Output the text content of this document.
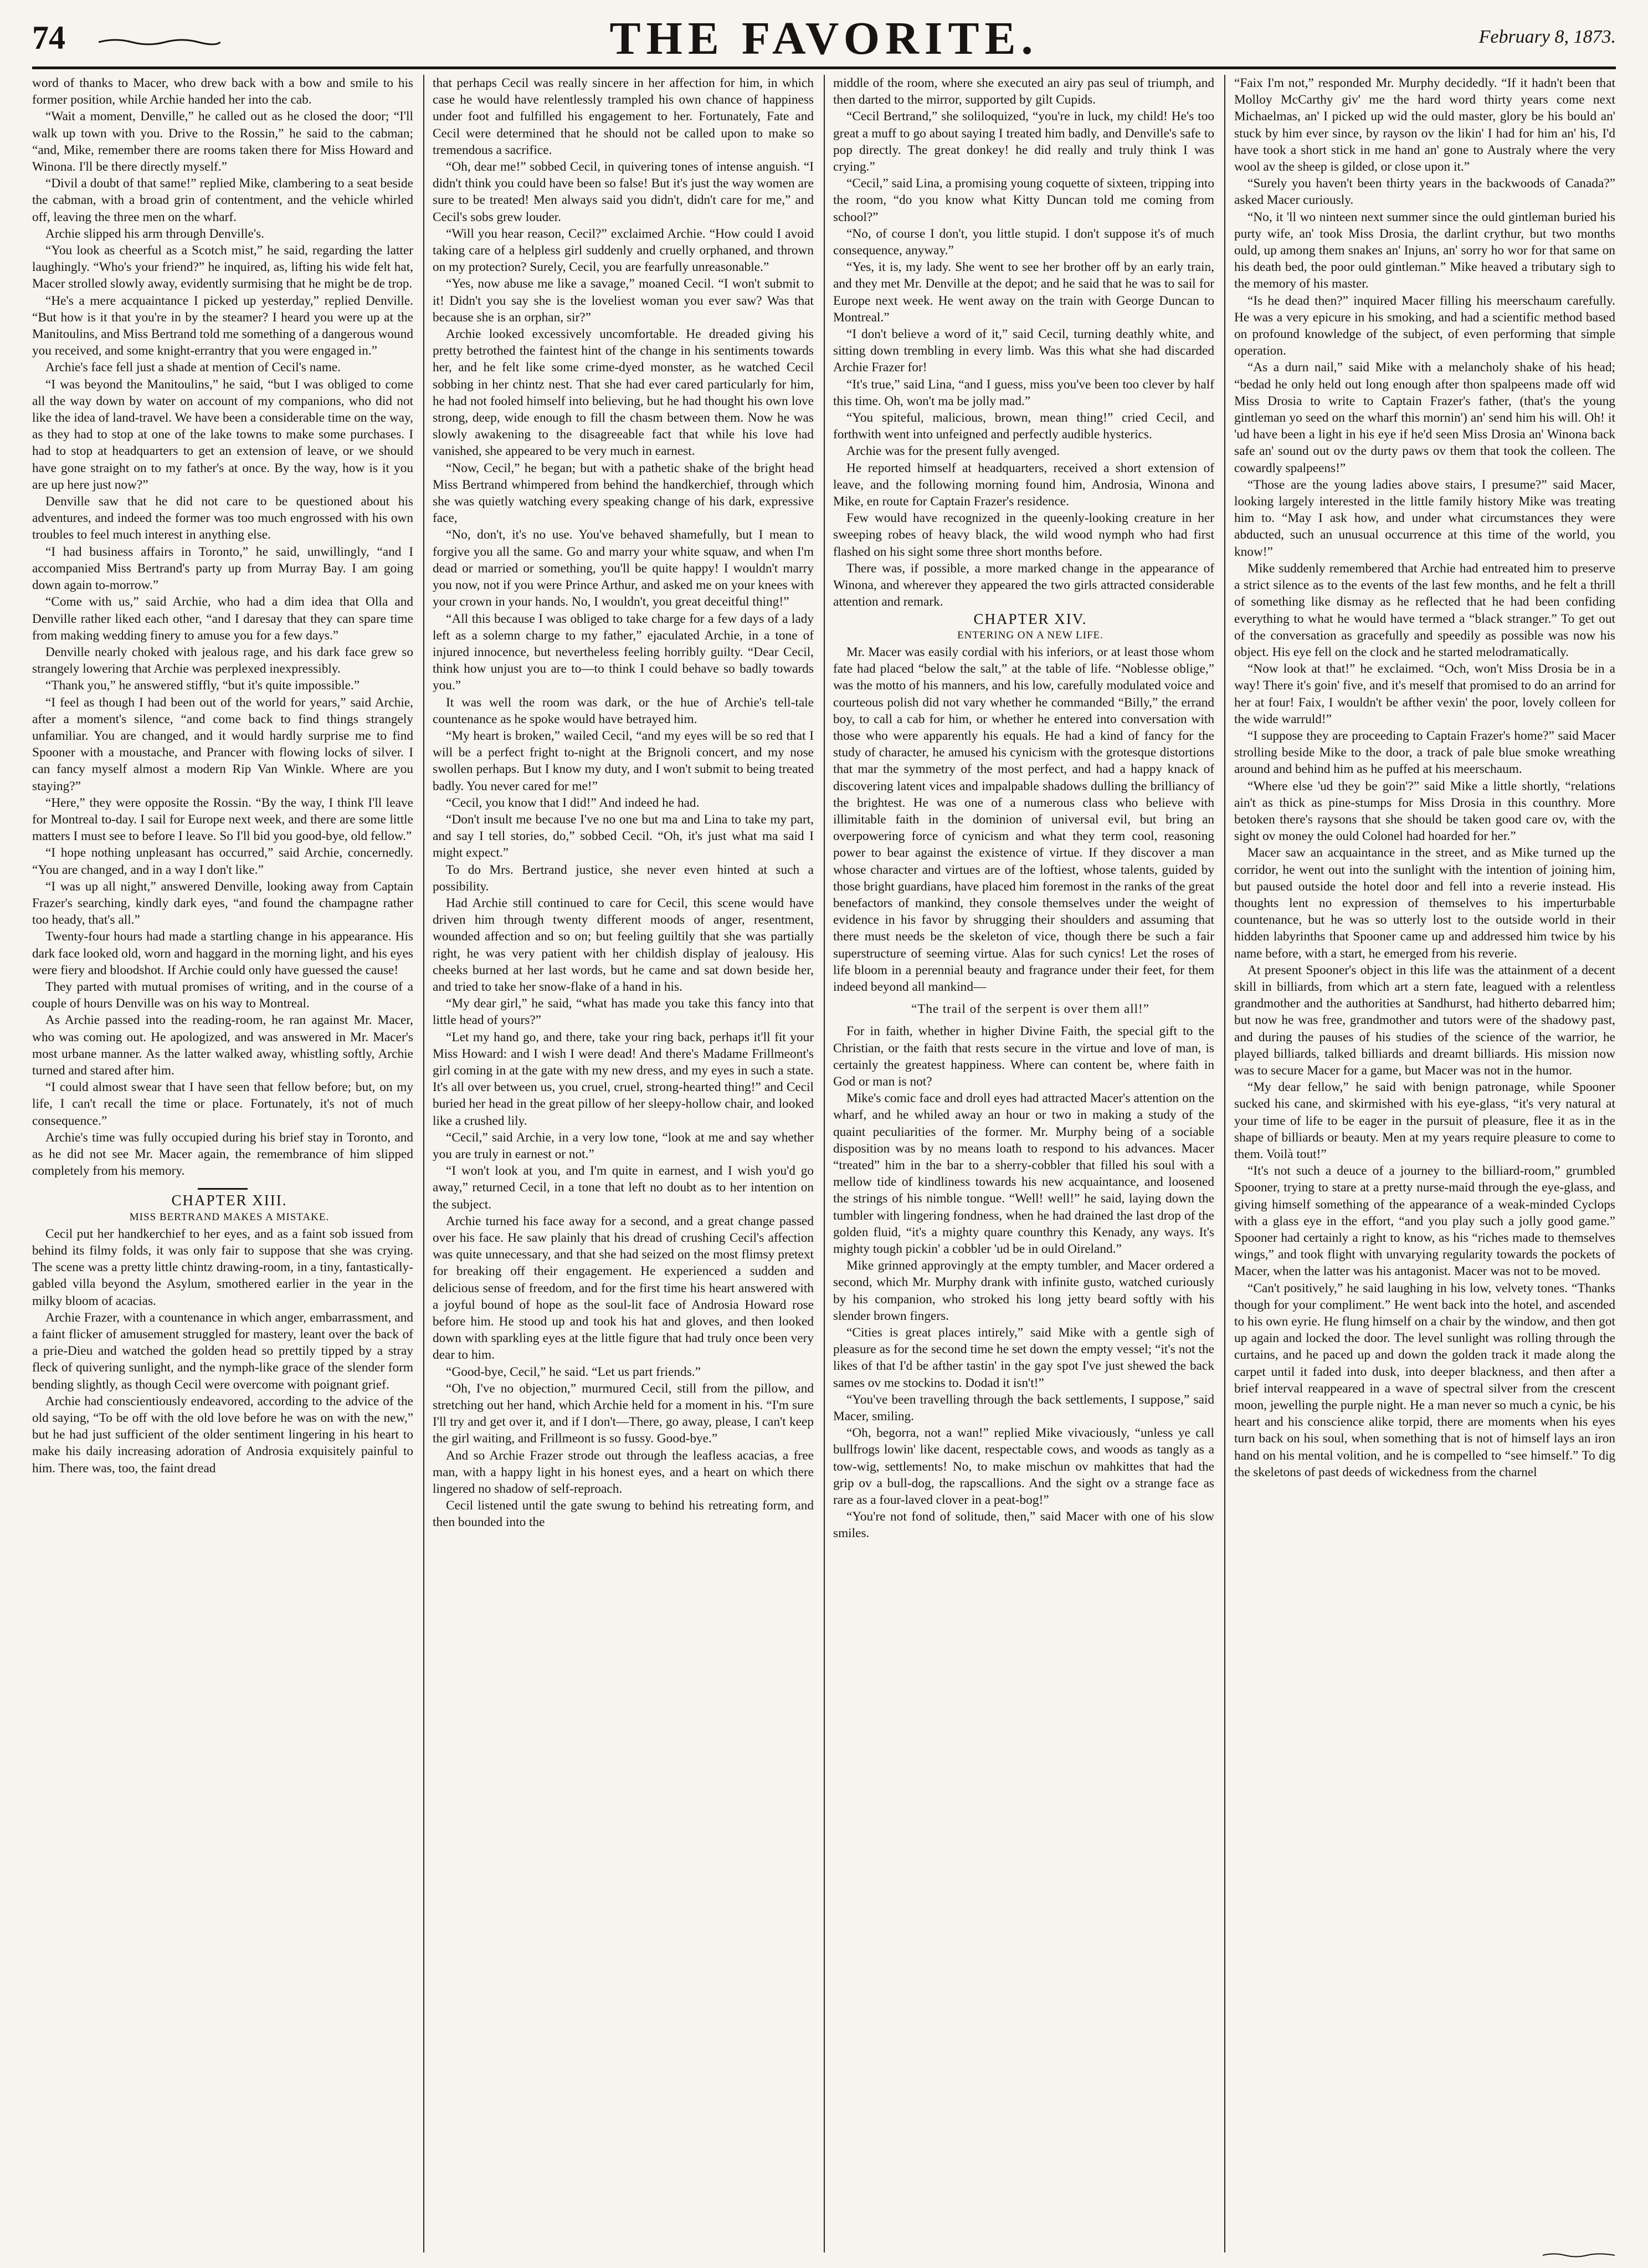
74	THE FAVORITE.	February 8, 1873.

word of thanks to Macer, who drew back with a bow and smile to his former position, while Archie handed her into the cab.

“Wait a moment, Denville,” he called out as he closed the door; “I'll walk up town with you. Drive to the Rossin,” he said to the cabman; “and, Mike, remember there are rooms taken there for Miss Howard and Winona. I'll be there directly myself.”

“Divil a doubt of that same!” replied Mike, clambering to a seat beside the cabman, with a broad grin of contentment, and the vehicle whirled off, leaving the three men on the wharf.

Archie slipped his arm through Denville's.

“You look as cheerful as a Scotch mist,” he said, regarding the latter laughingly. “Who's your friend?” he inquired, as, lifting his wide felt hat, Macer strolled slowly away, evidently surmising that he might be de trop.

“He's a mere acquaintance I picked up yesterday,” replied Denville. “But how is it that you're in by the steamer? I heard you were up at the Manitoulins, and Miss Bertrand told me something of a dangerous wound you received, and some knight-errantry that you were engaged in.”

Archie's face fell just a shade at mention of Cecil's name.

“I was beyond the Manitoulins,” he said, “but I was obliged to come all the way down by water on account of my companions, who did not like the idea of land-travel. We have been a considerable time on the way, as they had to stop at one of the lake towns to make some purchases. I had to stop at headquarters to get an extension of leave, or we should have gone straight on to my father's at once. By the way, how is it you are up here just now?”

Denville saw that he did not care to be questioned about his adventures, and indeed the former was too much engrossed with his own troubles to feel much interest in anything else.

“I had business affairs in Toronto,” he said, unwillingly, “and I accompanied Miss Bertrand's party up from Murray Bay. I am going down again to-morrow.”

“Come with us,” said Archie, who had a dim idea that Olla and Denville rather liked each other, “and I daresay that they can spare time from making wedding finery to amuse you for a few days.”

Denville nearly choked with jealous rage, and his dark face grew so strangely lowering that Archie was perplexed inexpressibly.

“Thank you,” he answered stiffly, “but it's quite impossible.”

“I feel as though I had been out of the world for years,” said Archie, after a moment's silence, “and come back to find things strangely unfamiliar. You are changed, and it would hardly surprise me to find Spooner with a moustache, and Prancer with flowing locks of silver. I can fancy myself almost a modern Rip Van Winkle. Where are you staying?”

“Here,” they were opposite the Rossin. “By the way, I think I'll leave for Montreal to-day. I sail for Europe next week, and there are some little matters I must see to before I leave. So I'll bid you good-bye, old fellow.”

“I hope nothing unpleasant has occurred,” said Archie, concernedly. “You are changed, and in a way I don't like.”

“I was up all night,” answered Denville, looking away from Captain Frazer's searching, kindly dark eyes, “and found the champagne rather too heady, that's all.”

Twenty-four hours had made a startling change in his appearance. His dark face looked old, worn and haggard in the morning light, and his eyes were fiery and bloodshot. If Archie could only have guessed the cause!

They parted with mutual promises of writing, and in the course of a couple of hours Denville was on his way to Montreal.

As Archie passed into the reading-room, he ran against Mr. Macer, who was coming out. He apologized, and was answered in Mr. Macer's most urbane manner. As the latter walked away, whistling softly, Archie turned and stared after him.

“I could almost swear that I have seen that fellow before; but, on my life, I can't recall the time or place. Fortunately, it's not of much consequence.”

Archie's time was fully occupied during his brief stay in Toronto, and as he did not see Mr. Macer again, the remembrance of him slipped completely from his memory.

CHAPTER XIII.

MISS BERTRAND MAKES A MISTAKE.

Cecil put her handkerchief to her eyes, and as a faint sob issued from behind its filmy folds, it was only fair to suppose that she was crying. The scene was a pretty little chintz drawing-room, in a tiny, fantastically-gabled villa beyond the Asylum, smothered earlier in the year in the milky bloom of acacias.

Archie Frazer, with a countenance in which anger, embarrassment, and a faint flicker of amusement struggled for mastery, leant over the back of a prie-Dieu and watched the golden head so prettily tipped by a stray fleck of quivering sunlight, and the nymph-like grace of the slender form bending slightly, as though Cecil were overcome with poignant grief.

Archie had conscientiously endeavored, according to the advice of the old saying, “To be off with the old love before he was on with the new,” but he had just sufficient of the older sentiment lingering in his heart to make his daily increasing adoration of Androsia exquisitely painful to him. There was, too, the faint dread

that perhaps Cecil was really sincere in her affection for him, in which case he would have relentlessly trampled his own chance of happiness under foot and fulfilled his engagement to her. Fortunately, Fate and Cecil were determined that he should not be called upon to make so tremendous a sacrifice.

“Oh, dear me!” sobbed Cecil, in quivering tones of intense anguish. “I didn't think you could have been so false! But it's just the way women are sure to be treated! Men always said you didn't, didn't care for me,” and Cecil's sobs grew louder.

“Will you hear reason, Cecil?” exclaimed Archie. “How could I avoid taking care of a helpless girl suddenly and cruelly orphaned, and thrown on my protection? Surely, Cecil, you are fearfully unreasonable.”

“Yes, now abuse me like a savage,” moaned Cecil. “I won't submit to it! Didn't you say she is the loveliest woman you ever saw? Was that because she is an orphan, sir?”

Archie looked excessively uncomfortable. He dreaded giving his pretty betrothed the faintest hint of the change in his sentiments towards her, and he felt like some crime-dyed monster, as he watched Cecil sobbing in her chintz nest. That she had ever cared particularly for him, he had not fooled himself into believing, but he had thought his own love strong, deep, wide enough to fill the chasm between them. Now he was slowly awakening to the disagreeable fact that while his love had vanished, she appeared to be very much in earnest.

“Now, Cecil,” he began; but with a pathetic shake of the bright head Miss Bertrand whimpered from behind the handkerchief, through which she was quietly watching every speaking change of his dark, expressive face,

“No, don't, it's no use. You've behaved shamefully, but I mean to forgive you all the same. Go and marry your white squaw, and when I'm dead or married or something, you'll be quite happy! I wouldn't marry you now, not if you were Prince Arthur, and asked me on your knees with your crown in your hands. No, I wouldn't, you great deceitful thing!”

“All this because I was obliged to take charge for a few days of a lady left as a solemn charge to my father,” ejaculated Archie, in a tone of injured innocence, but nevertheless feeling horribly guilty. “Dear Cecil, think how unjust you are to—to think I could behave so badly towards you.”

It was well the room was dark, or the hue of Archie's tell-tale countenance as he spoke would have betrayed him.

“My heart is broken,” wailed Cecil, “and my eyes will be so red that I will be a perfect fright to-night at the Brignoli concert, and my nose swollen perhaps. But I know my duty, and I won't submit to being treated badly. You never cared for me!”

“Cecil, you know that I did!” And indeed he had.

“Don't insult me because I've no one but ma and Lina to take my part, and say I tell stories, do,” sobbed Cecil. “Oh, it's just what ma said I might expect.”

To do Mrs. Bertrand justice, she never even hinted at such a possibility.

Had Archie still continued to care for Cecil, this scene would have driven him through twenty different moods of anger, resentment, wounded affection and so on; but feeling guiltily that she was partially right, he was very patient with her childish display of jealousy. His cheeks burned at her last words, but he came and sat down beside her, and tried to take her snow-flake of a hand in his.

“My dear girl,” he said, “what has made you take this fancy into that little head of yours?”

“Let my hand go, and there, take your ring back, perhaps it'll fit your Miss Howard: and I wish I were dead! And there's Madame Frillmeont's girl coming in at the gate with my new dress, and my eyes in such a state. It's all over between us, you cruel, cruel, strong-hearted thing!” and Cecil buried her head in the great pillow of her sleepy-hollow chair, and looked like a crushed lily.

“Cecil,” said Archie, in a very low tone, “look at me and say whether you are truly in earnest or not.”

“I won't look at you, and I'm quite in earnest, and I wish you'd go away,” returned Cecil, in a tone that left no doubt as to her intention on the subject.

Archie turned his face away for a second, and a great change passed over his face. He saw plainly that his dread of crushing Cecil's affection was quite unnecessary, and that she had seized on the most flimsy pretext for breaking off their engagement. He experienced a sudden and delicious sense of freedom, and for the first time his heart answered with a joyful bound of hope as the soul-lit face of Androsia Howard rose before him. He stood up and took his hat and gloves, and then looked down with sparkling eyes at the little figure that had truly once been very dear to him.

“Good-bye, Cecil,” he said. “Let us part friends.”

“Oh, I've no objection,” murmured Cecil, still from the pillow, and stretching out her hand, which Archie held for a moment in his. “I'm sure I'll try and get over it, and if I don't—There, go away, please, I can't keep the girl waiting, and Frillmeont is so fussy. Good-bye.”

And so Archie Frazer strode out through the leafless acacias, a free man, with a happy light in his honest eyes, and a heart on which there lingered no shadow of self-reproach.

Cecil listened until the gate swung to behind his retreating form, and then bounded into the

middle of the room, where she executed an airy pas seul of triumph, and then darted to the mirror, supported by gilt Cupids.

“Cecil Bertrand,” she soliloquized, “you're in luck, my child! He's too great a muff to go about saying I treated him badly, and Denville's safe to pop directly. The great donkey! he did really and truly think I was crying.”

“Cecil,” said Lina, a promising young coquette of sixteen, tripping into the room, “do you know what Kitty Duncan told me coming from school?”

“No, of course I don't, you little stupid. I don't suppose it's of much consequence, anyway.”

“Yes, it is, my lady. She went to see her brother off by an early train, and they met Mr. Denville at the depot; and he said that he was to sail for Europe next week. He went away on the train with George Duncan to Montreal.”

“I don't believe a word of it,” said Cecil, turning deathly white, and sitting down trembling in every limb. Was this what she had discarded Archie Frazer for!

“It's true,” said Lina, “and I guess, miss you've been too clever by half this time. Oh, won't ma be jolly mad.”

“You spiteful, malicious, brown, mean thing!” cried Cecil, and forthwith went into unfeigned and perfectly audible hysterics.

Archie was for the present fully avenged.

He reported himself at headquarters, received a short extension of leave, and the following morning found him, Androsia, Winona and Mike, en route for Captain Frazer's residence.

Few would have recognized in the queenly-looking creature in her sweeping robes of heavy black, the wild wood nymph who had first flashed on his sight some three short months before.

There was, if possible, a more marked change in the appearance of Winona, and wherever they appeared the two girls attracted considerable attention and remark.

CHAPTER XIV.

ENTERING ON A NEW LIFE.

Mr. Macer was easily cordial with his inferiors, or at least those whom fate had placed “below the salt,” at the table of life. “Noblesse oblige,” was the motto of his manners, and his low, carefully modulated voice and courteous polish did not vary whether he commanded “Billy,” the errand boy, to call a cab for him, or whether he entered into conversation with those who were apparently his equals. He had a kind of fancy for the study of character, he amused his cynicism with the grotesque distortions that mar the symmetry of the most perfect, and had a happy knack of discovering latent vices and impalpable shadows dulling the brilliancy of the brightest. He was one of a numerous class who believe with illimitable faith in the dominion of universal evil, but bring an overpowering force of cynicism and what they term cool, reasoning power to bear against the existence of virtue. If they discover a man whose character and virtues are of the loftiest, whose talents, guided by those bright guardians, have placed him foremost in the ranks of the great benefactors of mankind, they console themselves under the weight of evidence in his favor by shrugging their shoulders and assuming that there must needs be the skeleton of vice, though there be such a fair superstructure of seeming virtue. Alas for such cynics! Let the roses of life bloom in a perennial beauty and fragrance under their feet, for them indeed beyond all mankind—

“The trail of the serpent is over them all!”

For in faith, whether in higher Divine Faith, the special gift to the Christian, or the faith that rests secure in the virtue and love of man, is certainly the greatest happiness. Where can content be, where faith in God or man is not?

Mike's comic face and droll eyes had attracted Macer's attention on the wharf, and he whiled away an hour or two in making a study of the quaint peculiarities of the former. Mr. Murphy being of a sociable disposition was by no means loath to respond to his advances. Macer “treated” him in the bar to a sherry-cobbler that filled his soul with a mellow tide of kindliness towards his new acquaintance, and loosened the strings of his nimble tongue. “Well! well!” he said, laying down the tumbler with lingering fondness, when he had drained the last drop of the golden fluid, “it's a mighty quare counthry this Kenady, any ways. It's mighty tough pickin' a cobbler 'ud be in ould Oireland.”

Mike grinned approvingly at the empty tumbler, and Macer ordered a second, which Mr. Murphy drank with infinite gusto, watched curiously by his companion, who stroked his long jetty beard softly with his slender brown fingers.

“Cities is great places intirely,” said Mike with a gentle sigh of pleasure as for the second time he set down the empty vessel; “it's not the likes of that I'd be afther tastin' in the gay spot I've just shewed the back sames ov me stockins to. Dodad it isn't!”

“You've been travelling through the back settlements, I suppose,” said Macer, smiling.

“Oh, begorra, not a wan!” replied Mike vivaciously, “unless ye call bullfrogs lowin' like dacent, respectable cows, and woods as tangly as a tow-wig, settlements! No, to make mischun ov mahkittes that had the grip ov a bull-dog, the rapscallions. And the sight ov a strange face as rare as a four-laved clover in a peat-bog!”

“You're not fond of solitude, then,” said Macer with one of his slow smiles.

“Faix I'm not,” responded Mr. Murphy decidedly. “If it hadn't been that Molloy McCarthy giv' me the hard word thirty years come next Michaelmas, an' I picked up wid the ould master, glory be his bould an' stuck by him ever since, by rayson ov the likin' I had for him an' his, I'd have took a short stick in me hand an' gone to Australy where the very wool av the sheep is gilded, or close upon it.”

“Surely you haven't been thirty years in the backwoods of Canada?” asked Macer curiously.

“No, it 'll wo ninteen next summer since the ould gintleman buried his purty wife, an' took Miss Drosia, the darlint crythur, but two months ould, up among them snakes an' Injuns, an' sorry ho wor for that same on his death bed, the poor ould gintleman.” Mike heaved a tributary sigh to the memory of his master.

“Is he dead then?” inquired Macer filling his meerschaum carefully. He was a very epicure in his smoking, and had a scientific method based on profound knowledge of the subject, of even performing that simple operation.

“As a durn nail,” said Mike with a melancholy shake of his head; “bedad he only held out long enough after thon spalpeens made off wid Miss Drosia to write to Captain Frazer's father, (that's the young gintleman yo seed on the wharf this mornin') an' send him his will. Oh! it 'ud have been a light in his eye if he'd seen Miss Drosia an' Winona back safe an' sound out ov the durty paws ov them that took the colleen. The cowardly spalpeens!”

“Those are the young ladies above stairs, I presume?” said Macer, looking largely interested in the little family history Mike was treating him to. “May I ask how, and under what circumstances they were abducted, such an unusual occurrence at this time of the world, you know!”

Mike suddenly remembered that Archie had entreated him to preserve a strict silence as to the events of the last few months, and he felt a thrill of something like dismay as he reflected that he had been confiding everything to what he would have termed a “black stranger.” To get out of the conversation as gracefully and speedily as possible was now his object. His eye fell on the clock and he started melodramatically.

“Now look at that!” he exclaimed. “Och, won't Miss Drosia be in a way! There it's goin' five, and it's meself that promised to do an arrind for her at four! Faix, I wouldn't be afther vexin' the poor, lovely colleen for the wide warruld!”

“I suppose they are proceeding to Captain Frazer's home?” said Macer strolling beside Mike to the door, a track of pale blue smoke wreathing around and behind him as he puffed at his meerschaum.

“Where else 'ud they be goin'?” said Mike a little shortly, “relations ain't as thick as pine-stumps for Miss Drosia in this counthry. More betoken there's raysons that she should be taken good care ov, with the sight ov money the ould Colonel had hoarded for her.”

Macer saw an acquaintance in the street, and as Mike turned up the corridor, he went out into the sunlight with the intention of joining him, but paused outside the hotel door and fell into a reverie instead. His thoughts lent no expression of themselves to his imperturbable countenance, but he was so utterly lost to the outside world in their hidden labyrinths that Spooner came up and addressed him twice by his name before, with a start, he emerged from his reverie.

At present Spooner's object in this life was the attainment of a decent skill in billiards, from which art a stern fate, leagued with a relentless grandmother and the authorities at Sandhurst, had hitherto debarred him; but now he was free, grandmother and tutors were of the shadowy past, and during the pauses of his studies of the science of the warrior, he played billiards, talked billiards and dreamt billiards. His mission now was to secure Macer for a game, but Macer was not in the humor.

“My dear fellow,” he said with benign patronage, while Spooner sucked his cane, and skirmished with his eye-glass, “it's very natural at your time of life to be eager in the pursuit of pleasure, flee it as in the shape of billiards or beauty. Men at my years require pleasure to come to them. Voilà tout!”

“It's not such a deuce of a journey to the billiard-room,” grumbled Spooner, trying to stare at a pretty nurse-maid through the eye-glass, and giving himself something of the appearance of a weak-minded Cyclops with a glass eye in the effort, “and you play such a jolly good game.” Spooner had certainly a right to know, as his “riches made to themselves wings,” and took flight with unvarying regularity towards the pockets of Macer, when the latter was his antagonist. Macer was not to be moved.

“Can't positively,” he said laughing in his low, velvety tones. “Thanks though for your compliment.” He went back into the hotel, and ascended to his own eyrie. He flung himself on a chair by the window, and then got up again and locked the door. The level sunlight was rolling through the curtains, and he paced up and down the golden track it made along the carpet until it faded into dusk, into deeper blackness, and then after a brief interval reappeared in a wave of spectral silver from the crescent moon, jewelling the purple night. He a man never so much a cynic, be his heart and his conscience alike torpid, there are moments when his eyes turn back on his soul, when something that is not of himself lays an iron hand on his mental volition, and he is compelled to “see himself.” To dig the skeletons of past deeds of wickedness from the charnel
